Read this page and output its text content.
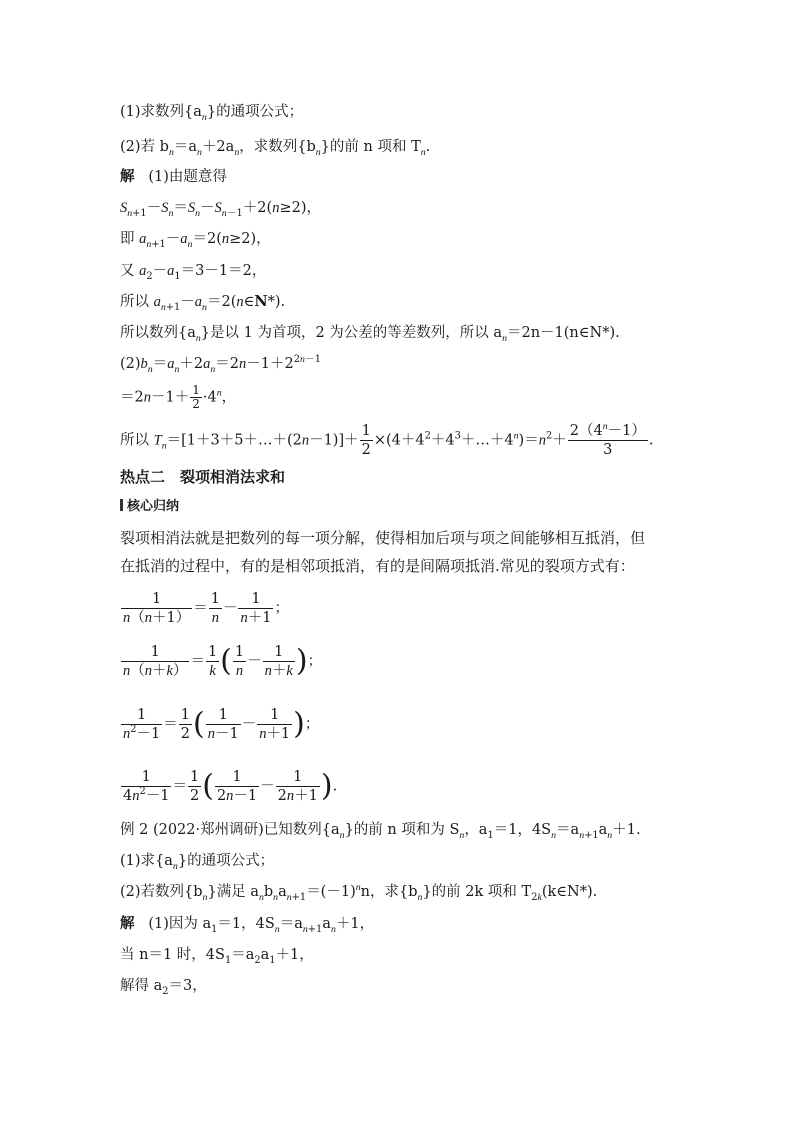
(1)求数列$\{a_n\}$的通项公式；
(2)若 $b_n=a_n+2a_n$，求数列$\{b_n\}$的前 n 项和 $T_n$.
解 (1)由题意得
$S_{n+1}-S_n=S_n-S_{n-1}+2(n\ge 2)$，
即 $a_{n+1}-a_n=2(n\ge 2)$，
又 $a_2-a_1=3-1=2$，
所以 $a_{n+1}-a_n=2(n\in N*)$.
所以数列$\{a_n\}$是以 1 为首项，2 为公差的等差数列，所以 $a_n=2n-1(n\in N*)$.
$(2)b_n=a_n+2a_n=2n-1+2^{2n-1}$
$=2n-1+ \frac{1}{2} \cdot 4^n$，
所以 $T_n=[1+3+5+\dots+(2n-1)]+ \frac{1}{2}$ $\times(4+4^2+4^3+\dots+4^n)=n^2+ \frac{2(4^n-1)}{3}$ .
热点二　裂项相消法求和
核心归纳
裂项相消法就是把数列的每一项分解，使得相加后项与项之间能够相互抵消，但
在抵消的过程中，有的是相邻项抵消，有的是间隔项抵消.常见的裂项方式有：
$\frac{1}{n(n+1)} = \frac{1}{n} - \frac{1}{n+1}$ ；
$\frac{1}{n(n+k)} = \frac{1}{k}$ ( $\frac{1}{n} - \frac{1}{n+k}$ )；
$\frac{1}{n^2-1} = \frac{1}{2}$ ( $\frac{1}{n-1} - \frac{1}{n+1}$ )；
$\frac{1}{4n^2-1} = \frac{1}{2}$ ( $\frac{1}{2n-1} - \frac{1}{2n+1}$ ).
例 2 (2022·郑州调研)已知数列$\{a_n\}$的前 n 项和为 $S_n$，$a_1=1$，$4S_n=a_{n+1}a_n+1$.
(1)求$\{a_n\}$的通项公式；
(2)若数列$\{b_n\}$满足 $a_nb_na_{n+1}=(-1)^nn$，求$\{b_n\}$的前 2k 项和 $T_{2k}(k\in N*)$.
解 (1)因为 $a_1=1$，$4S_n=a_{n+1}a_n+1$，
当 n＝1 时，$4S_1=a_2a_1+1$，
解得 $a_2=3$，
